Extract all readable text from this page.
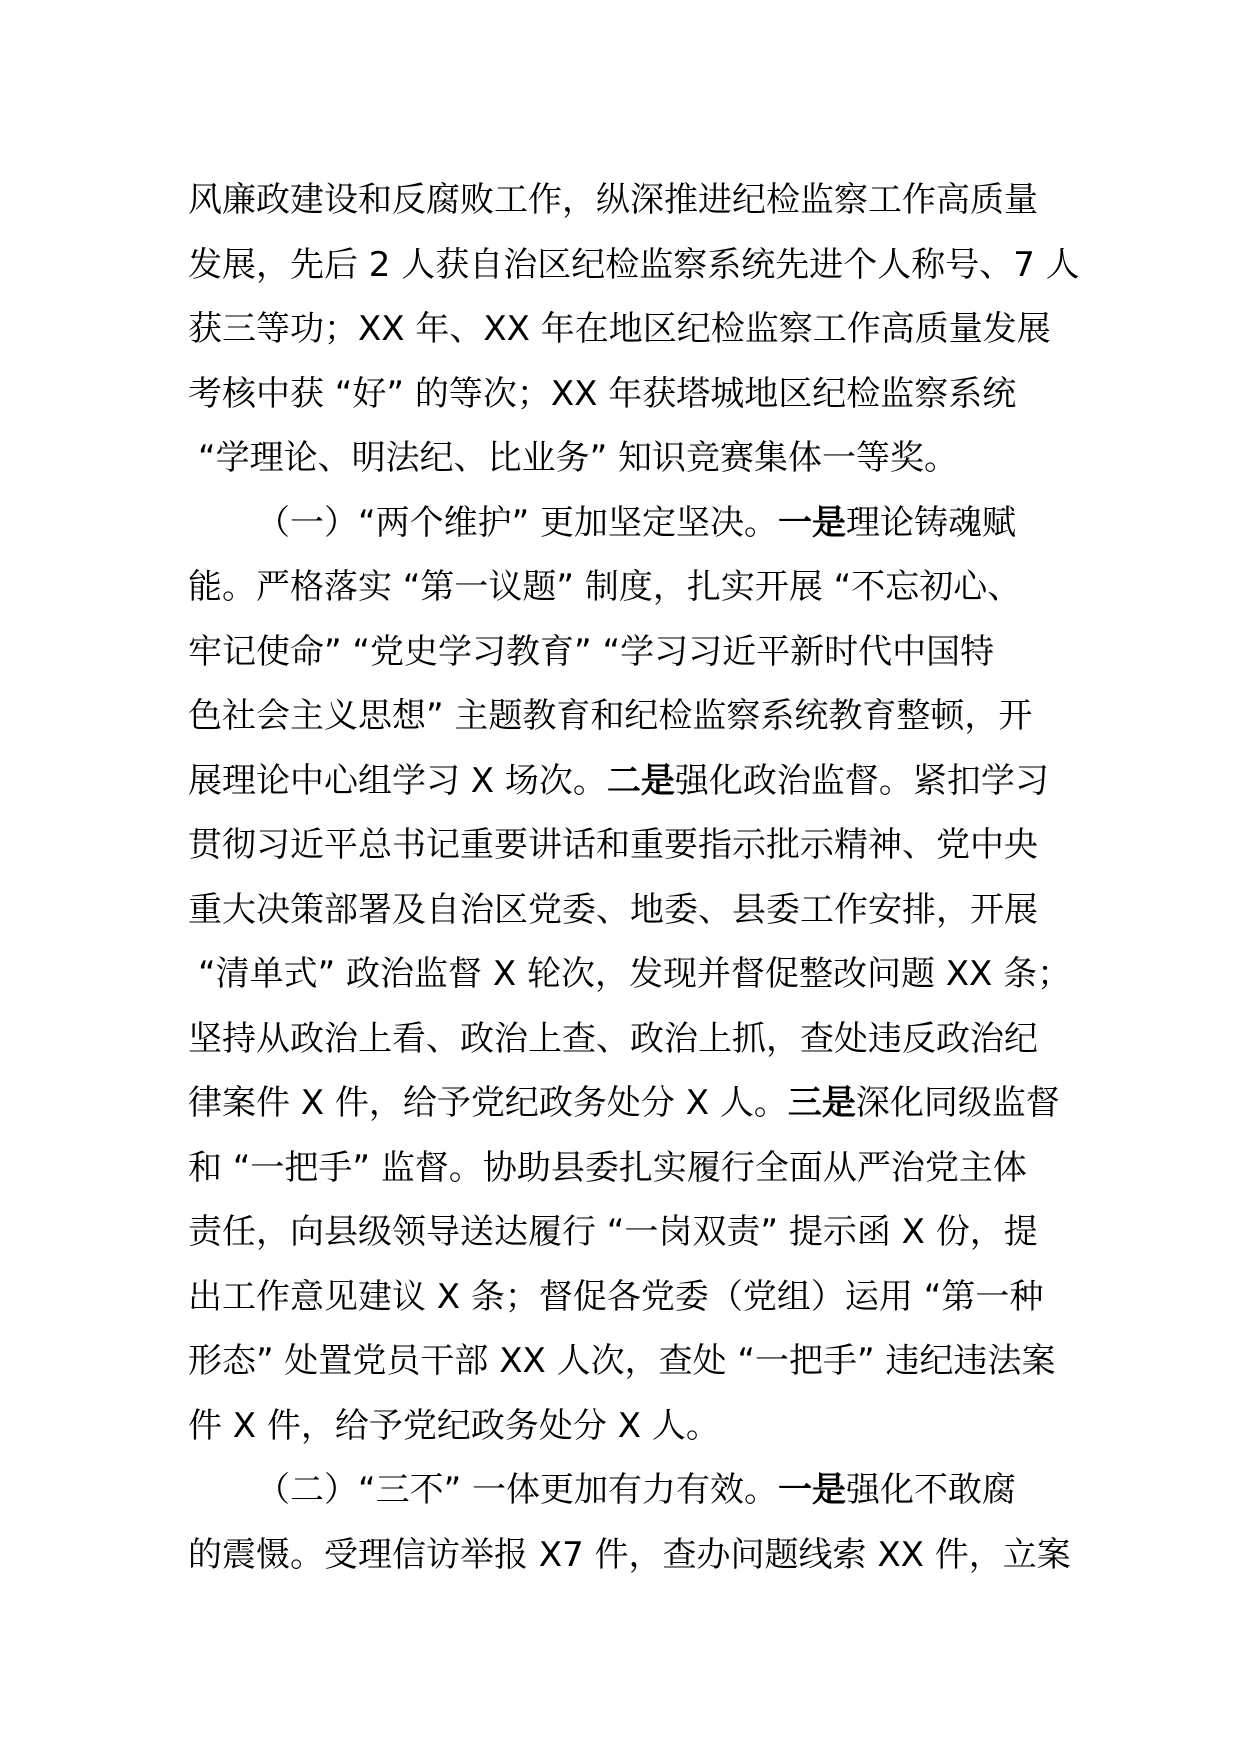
风廉政建设和反腐败工作，纵深推进纪检监察工作高质量
发展，先后 2 人获自治区纪检监察系统先进个人称号、7 人
获三等功；XX 年、XX 年在地区纪检监察工作高质量发展
考核中获 “好” 的等次；XX 年获塔城地区纪检监察系统
“学理论、明法纪、比业务” 知识竞赛集体一等奖。
（一）“两个维护” 更加坚定坚决。一是理论铸魂赋
能。严格落实 “第一议题” 制度，扎实开展 “不忘初心、
牢记使命” “党史学习教育” “学习习近平新时代中国特
色社会主义思想” 主题教育和纪检监察系统教育整顿，开
展理论中心组学习 X 场次。二是强化政治监督。紧扣学习
贯彻习近平总书记重要讲话和重要指示批示精神、党中央
重大决策部署及自治区党委、地委、县委工作安排，开展
“清单式” 政治监督 X 轮次，发现并督促整改问题 XX 条；
坚持从政治上看、政治上查、政治上抓，查处违反政治纪
律案件 X 件，给予党纪政务处分 X 人。三是深化同级监督
和 “一把手” 监督。协助县委扎实履行全面从严治党主体
责任，向县级领导送达履行 “一岗双责” 提示函 X 份，提
出工作意见建议 X 条；督促各党委（党组）运用 “第一种
形态” 处置党员干部 XX 人次，查处 “一把手” 违纪违法案
件 X 件，给予党纪政务处分 X 人。
（二）“三不” 一体更加有力有效。一是强化不敢腐
的震慑。受理信访举报 X7 件，查办问题线索 XX 件，立案
